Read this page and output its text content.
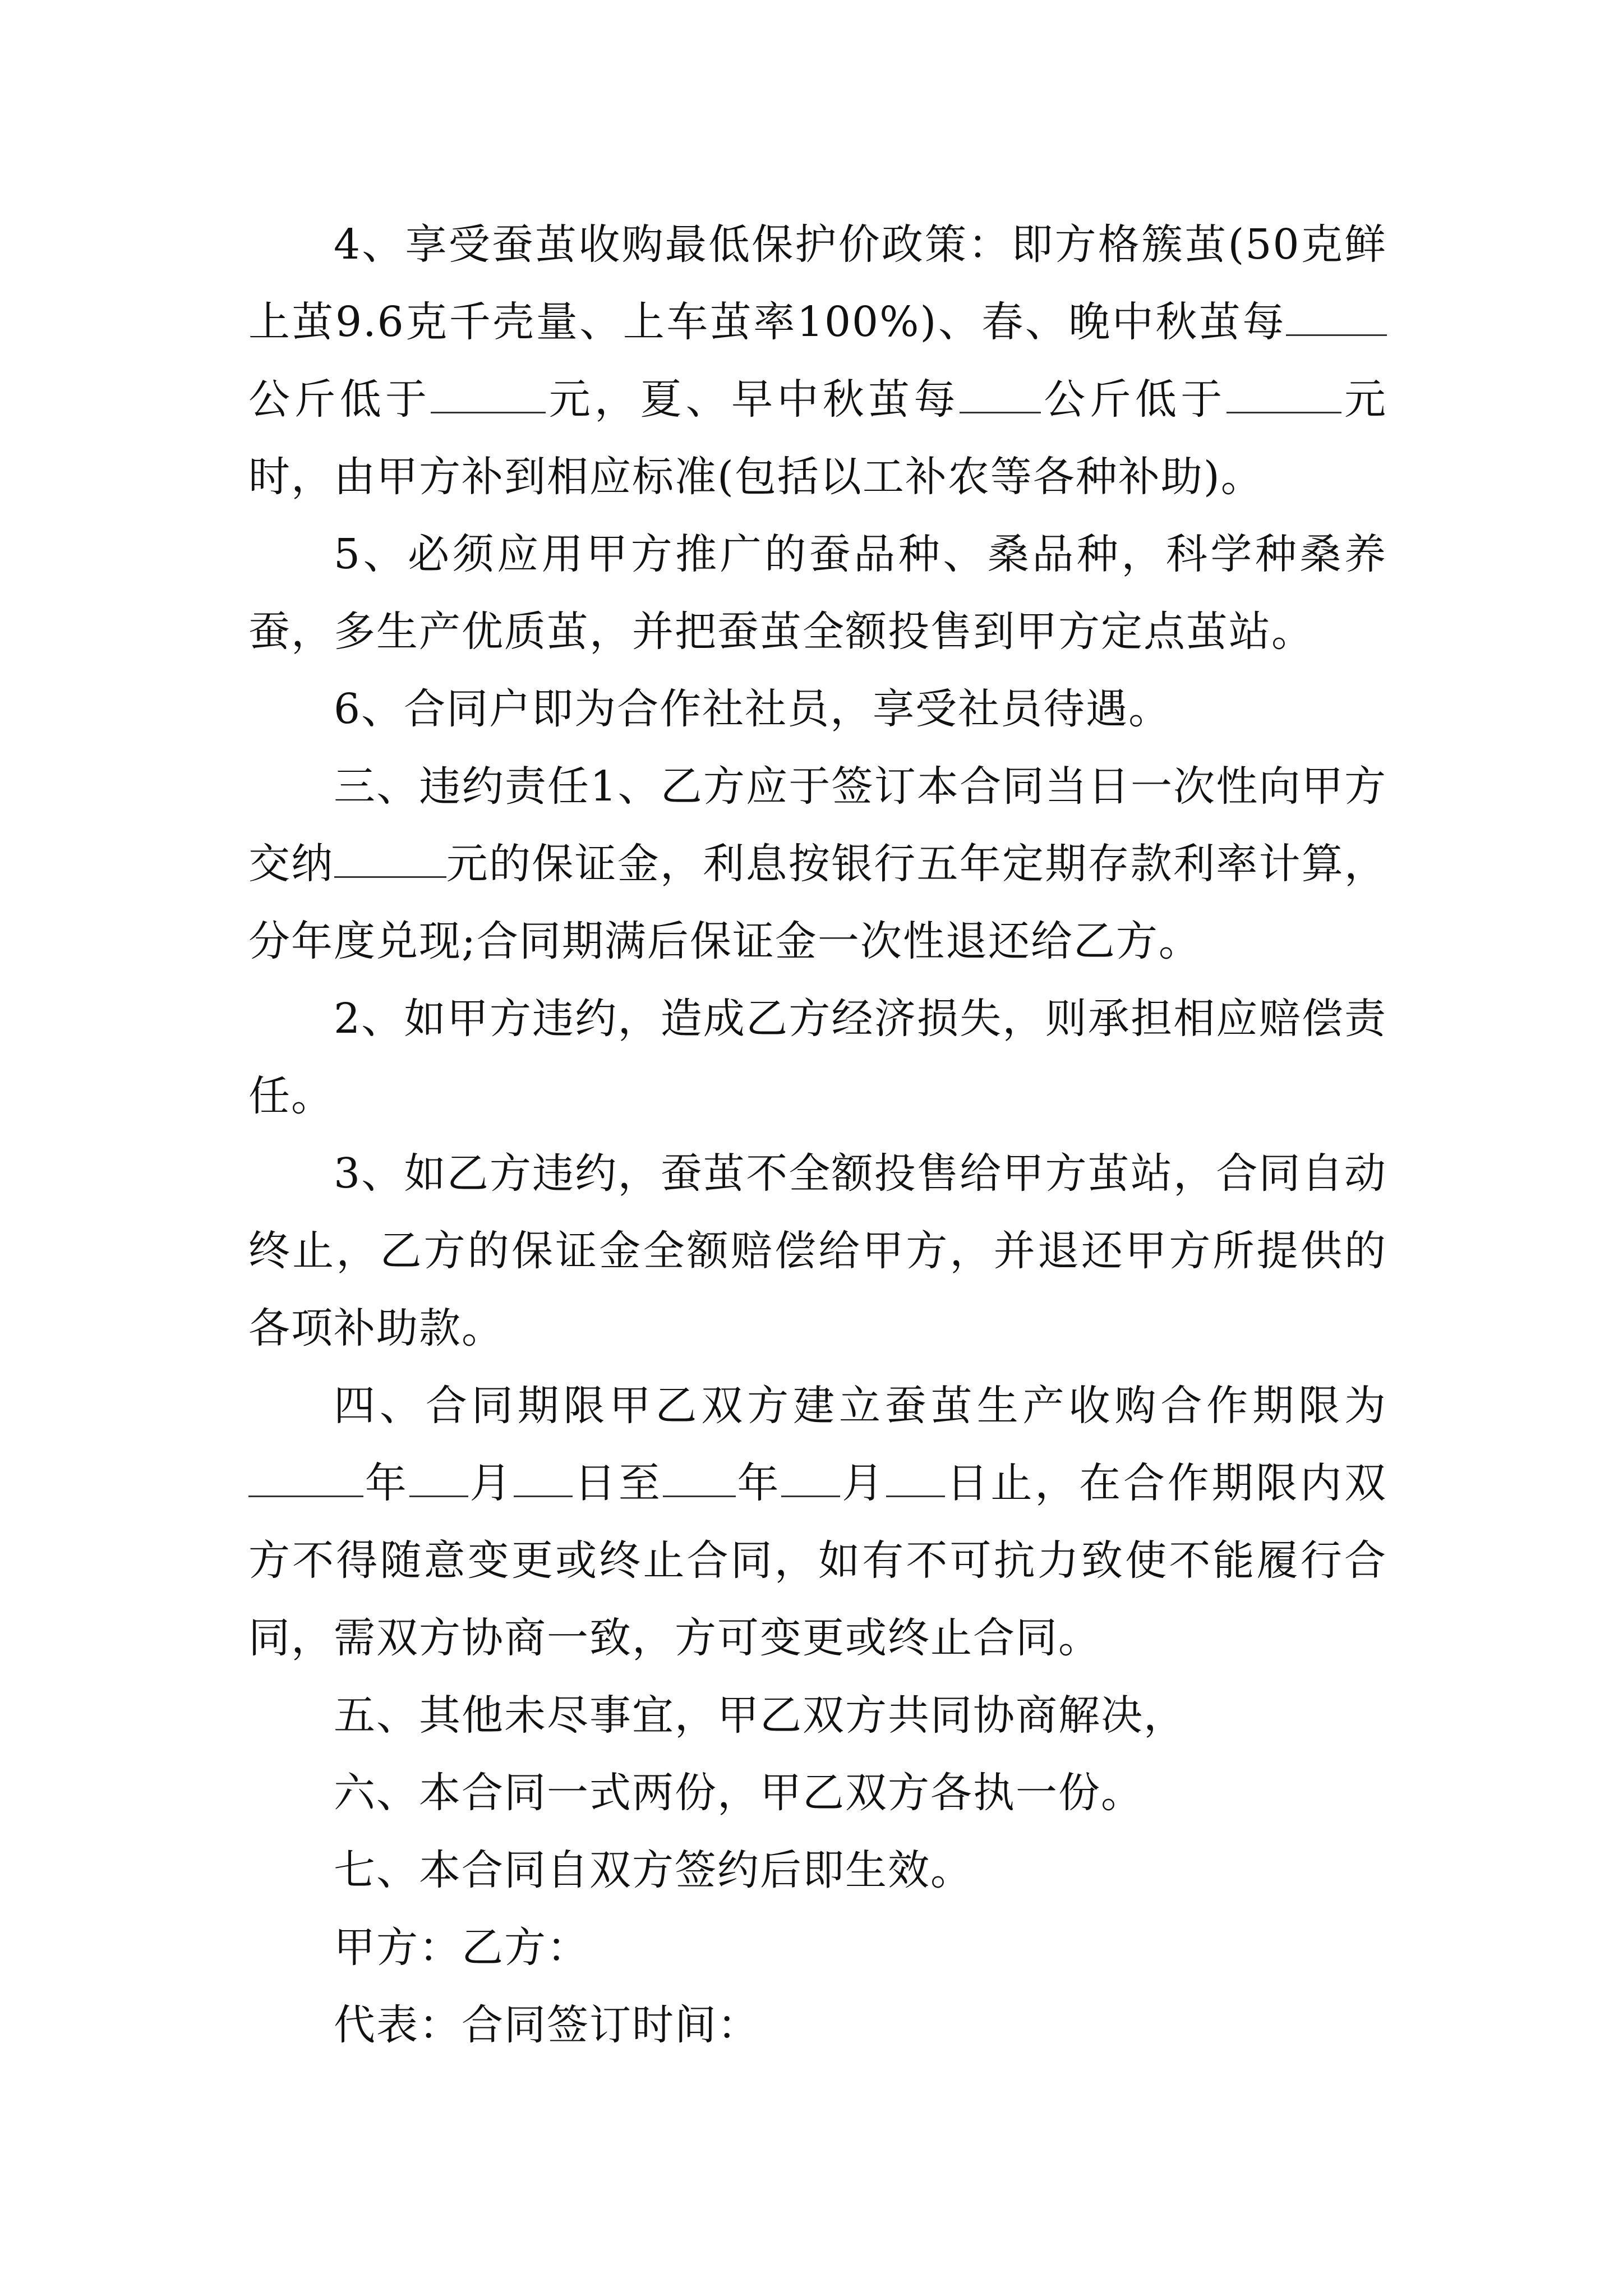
4、享受蚕茧收购最低保护价政策：即方格簇茧(50克鲜上茧9.6克千壳量、上车茧率100%)、春、晚中秋茧每公斤低于	元，夏、早中秋茧每 公斤低于	元时，由甲方补到相应标准(包括以工补农等各种补助)。

5、必须应用甲方推广的蚕品种、桑品种，科学种桑养蚕，多生产优质茧，并把蚕茧全额投售到甲方定点茧站。

6、合同户即为合作社社员，享受社员待遇。

三、违约责任1、乙方应于签订本合同当日一次性向甲方交纳	元的保证金，利息按银行五年定期存款利率计算，分年度兑现;合同期满后保证金一次性退还给乙方。

2、如甲方违约，造成乙方经济损失，则承担相应赔偿责任。

3、如乙方违约，蚕茧不全额投售给甲方茧站，合同自动终止，乙方的保证金全额赔偿给甲方，并退还甲方所提供的各项补助款。

四、合同期限甲乙双方建立蚕茧生产收购合作期限为年 月 日至 年 月 日止，在合作期限内双方不得随意变更或终止合同，如有不可抗力致使不能履行合同，需双方协商一致，方可变更或终止合同。

五、其他未尽事宜，甲乙双方共同协商解决，

六、本合同一式两份，甲乙双方各执一份。

七、本合同自双方签约后即生效。

甲方：乙方：

代表：合同签订时间：
